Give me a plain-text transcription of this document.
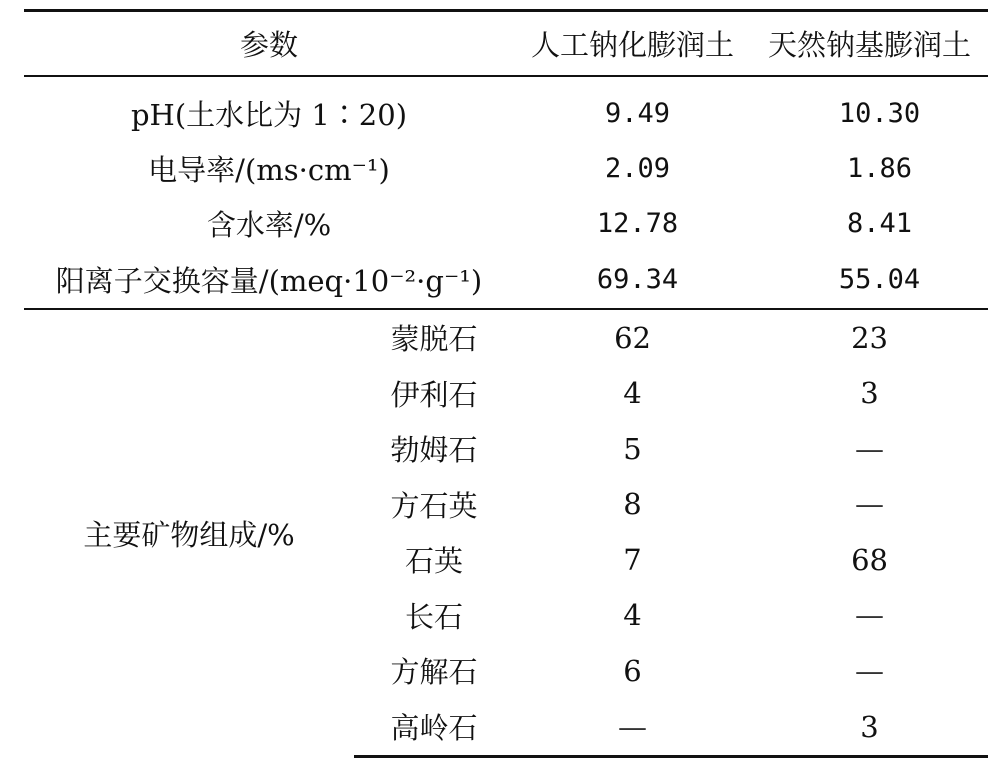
参数		人工钠化膨润土	天然钠基膨润土

pH(土水比为 1∶20)		9.49	10.30
电导率/(ms·cm⁻¹)		2.09	1.86
含水率/%		12.78	8.41
阳离子交换容量/(meq·10⁻²·g⁻¹)		69.34	55.04
主要矿物组成/%	蒙脱石	62	23
	伊利石	4	3
	勃姆石	5	—
	方石英	8	—
	石英	7	68
	长石	4	—
	方解石	6	—
	高岭石	—	3
